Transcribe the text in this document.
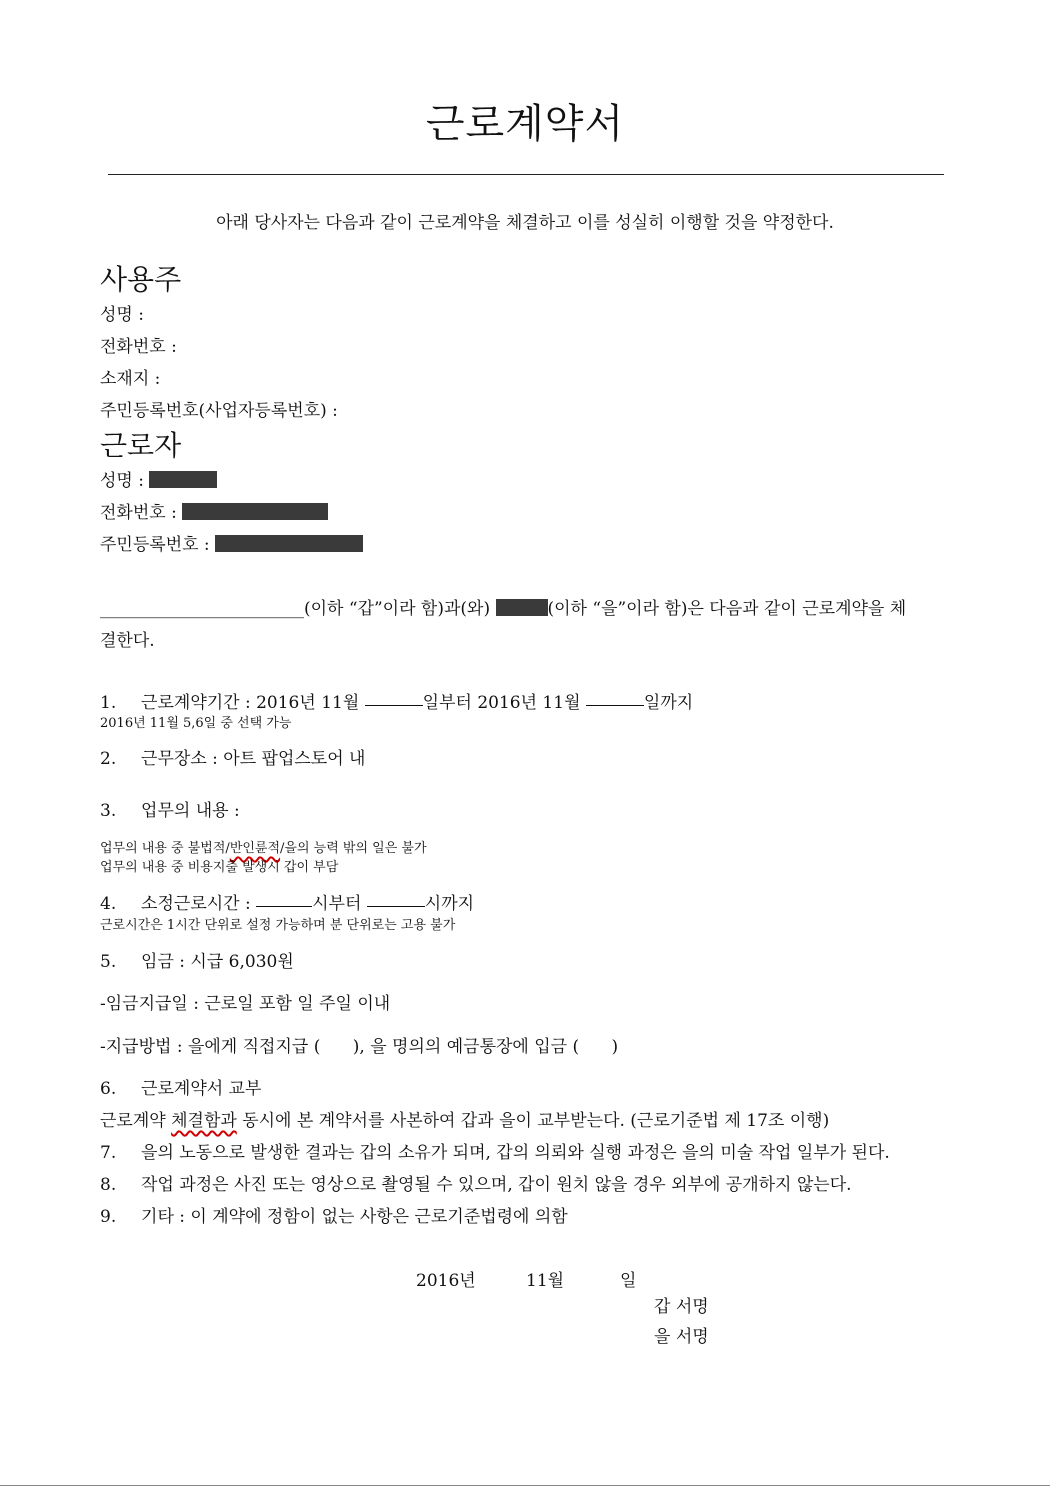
근로계약서
아래 당사자는 다음과 같이 근로계약을 체결하고 이를 성실히 이행할 것을 약정한다.
사용주
성명 :
전화번호 :
소재지 :
주민등록번호(사업자등록번호) :
근로자
성명 :
전화번호 :
주민등록번호 :
________________________(이하 “갑”이라 함)과(와)	(이하 “을”이라 함)은 다음과 같이 근로계약을 체
결한다.
1. 근로계약기간 : 2016년 11월	일부터 2016년 11월	일까지
2016년 11월 5,6일 중 선택 가능
2. 근무장소 : 아트 팝업스토어 내
3. 업무의 내용 :
업무의 내용 중 불법적/반인륜적/을의 능력 밖의 일은 불가
업무의 내용 중 비용지출 발생시 갑이 부담
4. 소정근로시간 :	시부터	시까지
근로시간은 1시간 단위로 설정 가능하며 분 단위로는 고용 불가
5. 임금 : 시급 6,030원
-임금지급일 : 근로일 포함 일 주일 이내
-지급방법 : 을에게 직접지급 (      ), 을 명의의 예금통장에 입금 (      )
6. 근로계약서 교부
근로계약 체결함과 동시에 본 계약서를 사본하여 갑과 을이 교부받는다. (근로기준법 제 17조 이행)
7. 을의 노동으로 발생한 결과는 갑의 소유가 되며, 갑의 의뢰와 실행 과정은 을의 미술 작업 일부가 된다.
8. 작업 과정은 사진 또는 영상으로 촬영될 수 있으며, 갑이 원치 않을 경우 외부에 공개하지 않는다.
9. 기타 : 이 계약에 정함이 없는 사항은 근로기준법령에 의함
2016년	11월	일
갑 서명
을 서명
